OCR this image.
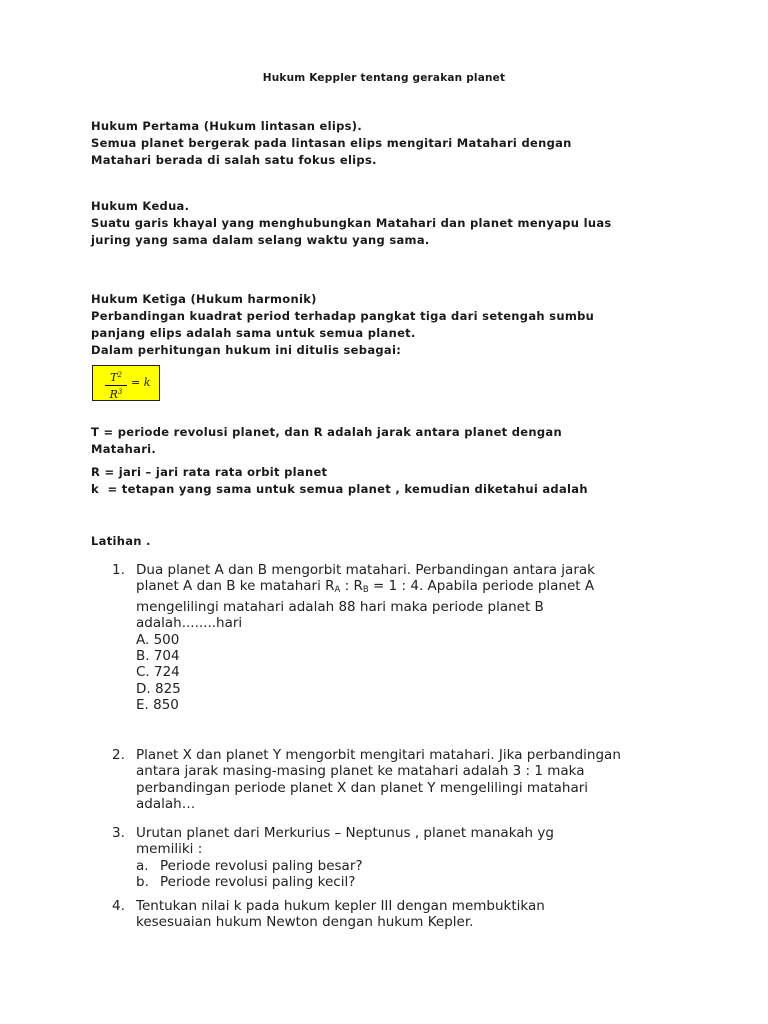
Hukum Keppler tentang gerakan planet
Hukum Pertama (Hukum lintasan elips).
Semua planet bergerak pada lintasan elips mengitari Matahari dengan
Matahari berada di salah satu fokus elips.
Hukum Kedua.
Suatu garis khayal yang menghubungkan Matahari dan planet menyapu luas
juring yang sama dalam selang waktu yang sama.
Hukum Ketiga (Hukum harmonik)
Perbandingan kuadrat period terhadap pangkat tiga dari setengah sumbu
panjang elips adalah sama untuk semua planet.
Dalam perhitungan hukum ini ditulis sebagai:
$\frac{T^2}{R^3} = k$
T = periode revolusi planet, dan R adalah jarak antara planet dengan
Matahari.
R = jari – jari rata rata orbit planet
k  = tetapan yang sama untuk semua planet , kemudian diketahui adalah
Latihan .
1. Dua planet A dan B mengorbit matahari. Perbandingan antara jarak
planet A dan B ke matahari $R_A$ : $R_B = 1$ : 4. Apabila periode planet A
mengelilingi matahari adalah 88 hari maka periode planet B
adalah........hari
A. 500
B. 704
C. 724
D. 825
E. 850
2. Planet X dan planet Y mengorbit mengitari matahari. Jika perbandingan
antara jarak masing-masing planet ke matahari adalah 3 : 1 maka
perbandingan periode planet X dan planet Y mengelilingi matahari
adalah…
3. Urutan planet dari Merkurius – Neptunus , planet manakah yg
memiliki :
a. Periode revolusi paling besar?
b. Periode revolusi paling kecil?
4. Tentukan nilai k pada hukum kepler III dengan membuktikan
kesesuaian hukum Newton dengan hukum Kepler.
